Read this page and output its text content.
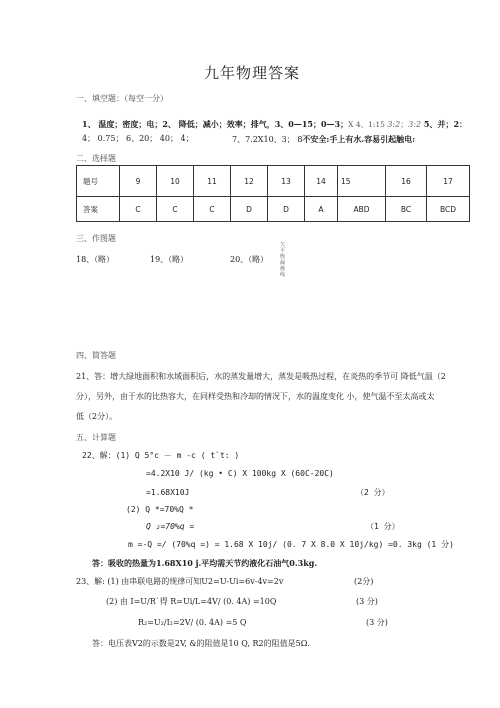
九年物理答案
一、填空题：（每空一分）
1、 温度；密度；电；2、 降低；减小；效率；排气，3、0—15；0—3；X 4、1:15 3:2；3:2 5、并；2：
4； 0.75； 6、20； 40； 4；	7、7.2X10、3； 8不安全:手上有水.容易引起触电:
二、选择题
题号	9	10	11	12	13	14	15	16	17
答案	C	C	C	D	D	A	ABD	BC	BCD
三、作图题
18、（略）	19、（略）	20、（略）
欠平衡漏操线
四、简答题
21、答：增大绿地面积和水域面积后，水的蒸发量增大，蒸发是吸热过程，在炎热的季节可 降低气温（2
分），另外，由于水的比热容大，在同样受热和冷却的情况下，水的温度变化 小，使气温不至太高或太
低（2分）。
五、计算题
22、解：(1) Q 5°c － m -c ( t`t: )
=4.2X10 J/ (kg • C) X 100kg X (60C-20C)
=1.68X10J	（2 分）
(2) Q *=70%Q *
Q ₂=70%q =	（1 分）
m =-Q =/ (70%q =) = 1.68 X 10j/ (0. 7 X 8.0 X 10j/kg) =0. 3kg (1 分)
答：吸收的热量为1.68X10 j.平均需天节约液化石油气0.3kg.
23、解: (1) 由串联电路的规律可知U2=U-Ui=6v-4v=2v	(2分)
(2) 由 I=U/R`得 R=Ui/L=4V/ (0. 4A) =10Q	(3 分)
R₂=U₂/I₂=2V/ (0. 4A) =5 Q	(3 分)
答：电压表V2的示数是2V, &的阻值是10 Q, R2的阻值是5Ω.
